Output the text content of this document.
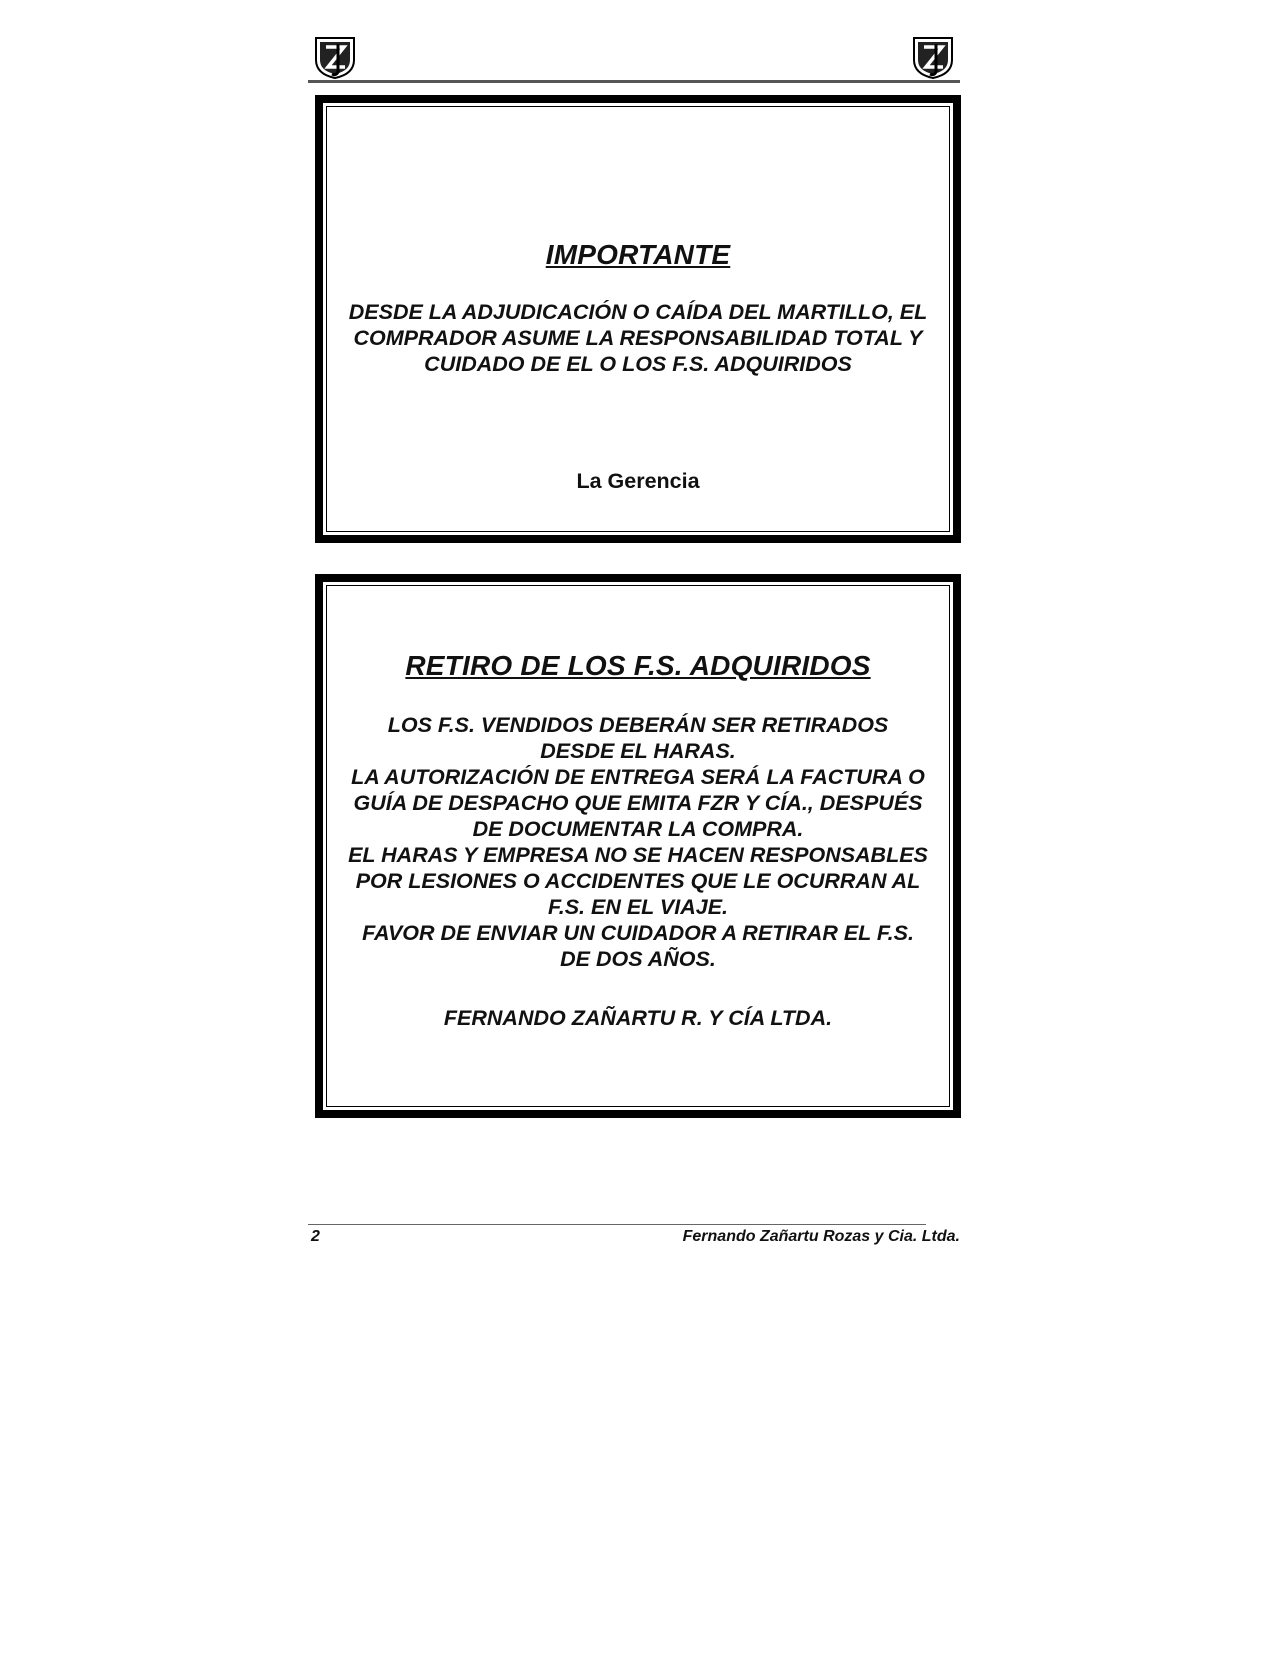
IMPORTANTE

DESDE LA ADJUDICACIÓN O CAÍDA DEL MARTILLO, EL
COMPRADOR ASUME LA RESPONSABILIDAD TOTAL Y
CUIDADO DE EL O LOS F.S. ADQUIRIDOS

La Gerencia

RETIRO DE LOS F.S. ADQUIRIDOS

LOS F.S. VENDIDOS DEBERÁN SER RETIRADOS
DESDE EL HARAS.
LA AUTORIZACIÓN DE ENTREGA SERÁ LA FACTURA O
GUÍA DE DESPACHO QUE EMITA FZR Y CÍA., DESPUÉS
DE DOCUMENTAR LA COMPRA.
EL HARAS Y EMPRESA NO SE HACEN RESPONSABLES
POR LESIONES O ACCIDENTES QUE LE OCURRAN AL
F.S. EN EL VIAJE.
FAVOR DE ENVIAR UN CUIDADOR A RETIRAR EL F.S.
DE DOS AÑOS.

FERNANDO ZAÑARTU R. Y CÍA LTDA.

2	Fernando Zañartu Rozas y Cia. Ltda.
